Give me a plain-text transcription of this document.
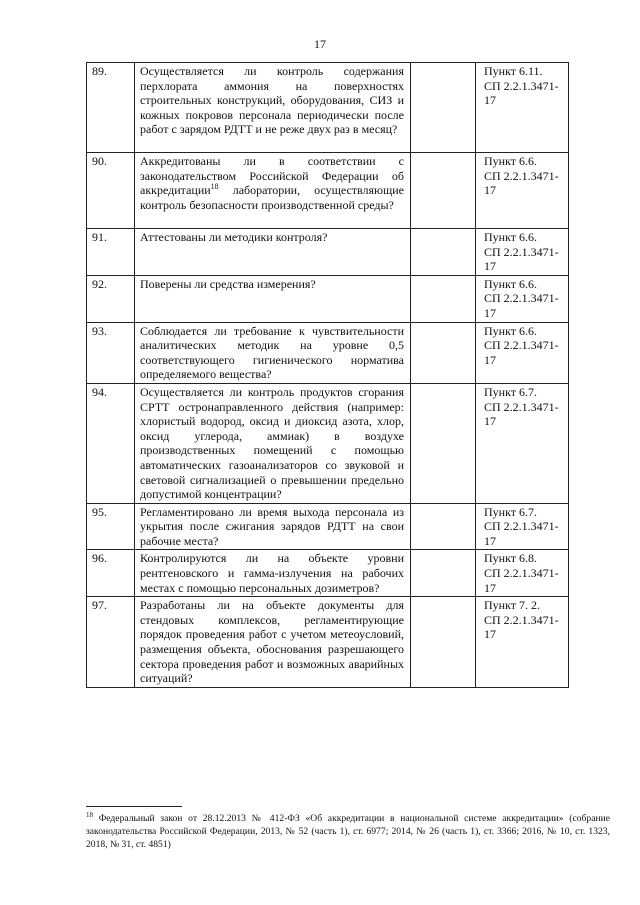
17
89.	Осуществляется ли контроль содержания перхлората аммония на поверхностях строительных конструкций, оборудования, СИЗ и кожных покровов персонала периодически после работ с зарядом РДТТ и не реже двух раз в месяц?		Пункт 6.11.
СП 2.2.1.3471-17

90.	Аккредитованы ли в соответствии с законодательством Российской Федерации об аккредитации$^{18}$ лаборатории, осуществляющие контроль безопасности производственной среды?		Пункт 6.6.
СП 2.2.1.3471-17

91.	Аттестованы ли методики контроля?		Пункт 6.6.
СП 2.2.1.3471-17

92.	Поверены ли средства измерения?		Пункт 6.6.
СП 2.2.1.3471-17

93.	Соблюдается ли требование к чувствительности аналитических методик на уровне 0,5 соответствующего гигиенического норматива определяемого вещества?		Пункт 6.6.
СП 2.2.1.3471-17

94.	Осуществляется ли контроль продуктов сгорания СРТТ остронаправленного действия (например: хлористый водород, оксид и диоксид азота, хлор, оксид углерода, аммиак) в воздухе производственных помещений с помощью автоматических газоанализаторов со звуковой и световой сигнализацией о превышении предельно допустимой концентрации?		Пункт 6.7.
СП 2.2.1.3471-17

95.	Регламентировано ли время выхода персонала из укрытия после сжигания зарядов РДТТ на свои рабочие места?		Пункт 6.7.
СП 2.2.1.3471-17

96.	Контролируются ли на объекте уровни рентгеновского и гамма-излучения на рабочих местах с помощью персональных дозиметров?		Пункт 6.8.
СП 2.2.1.3471-17

97.	Разработаны ли на объекте документы для стендовых комплексов, регламентирующие порядок проведения работ с учетом метеоусловий, размещения объекта, обоснования разрешающего сектора проведения работ и возможных аварийных ситуаций?		Пункт 7. 2.
СП 2.2.1.3471-17
$^{18}$ Федеральный закон от 28.12.2013 № 412-ФЗ «Об аккредитации в национальной системе аккредитации» (собрание законодательства Российской Федерации, 2013, № 52 (часть 1), ст. 6977; 2014, № 26 (часть 1), ст. 3366; 2016, № 10, ст. 1323, 2018, № 31, ст. 4851)
